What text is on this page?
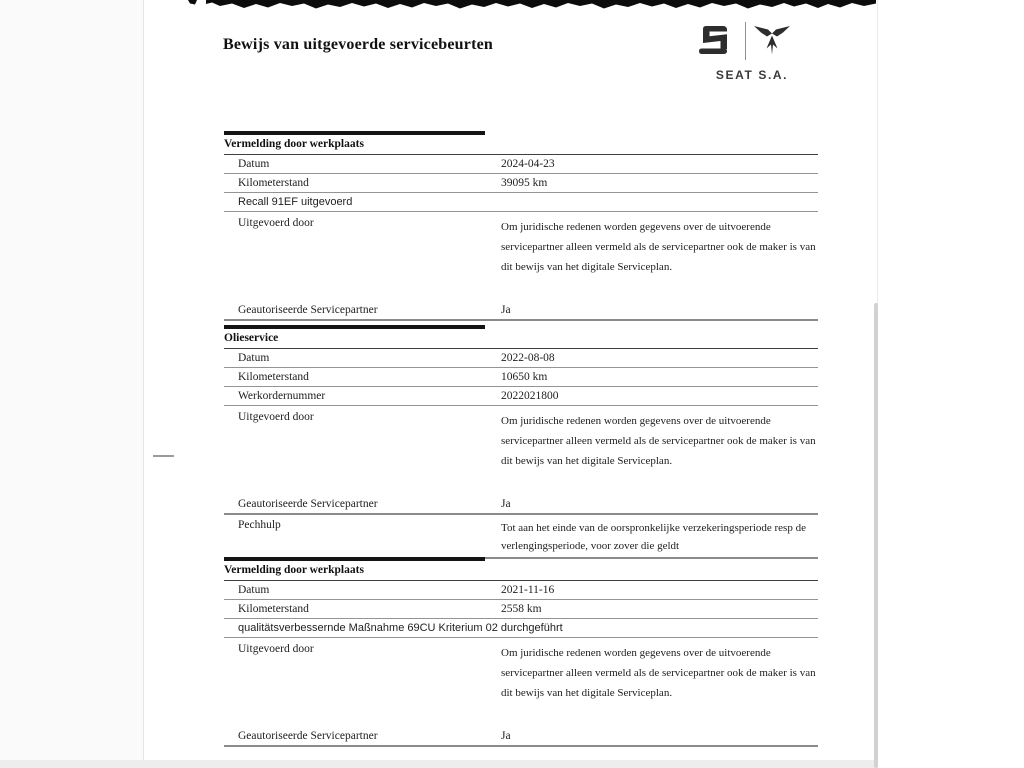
Bewijs van uitgevoerde servicebeurten
SEAT S.A.
Vermelding door werkplaats
Datum	2024-04-23
Kilometerstand	39095 km
Recall 91EF uitgevoerd
Uitgevoerd door	Om juridische redenen worden gegevens over de uitvoerende servicepartner alleen vermeld als de servicepartner ook de maker is van dit bewijs van het digitale Serviceplan.
Geautoriseerde Servicepartner	Ja
Olieservice
Datum	2022-08-08
Kilometerstand	10650 km
Werkordernummer	2022021800
Uitgevoerd door	Om juridische redenen worden gegevens over de uitvoerende servicepartner alleen vermeld als de servicepartner ook de maker is van dit bewijs van het digitale Serviceplan.
Geautoriseerde Servicepartner	Ja
Pechhulp	Tot aan het einde van de oorspronkelijke verzekeringsperiode resp de verlengingsperiode, voor zover die geldt
Vermelding door werkplaats
Datum	2021-11-16
Kilometerstand	2558 km
qualitätsverbessernde Maßnahme 69CU Kriterium 02 durchgeführt
Uitgevoerd door	Om juridische redenen worden gegevens over de uitvoerende servicepartner alleen vermeld als de servicepartner ook de maker is van dit bewijs van het digitale Serviceplan.
Geautoriseerde Servicepartner	Ja
